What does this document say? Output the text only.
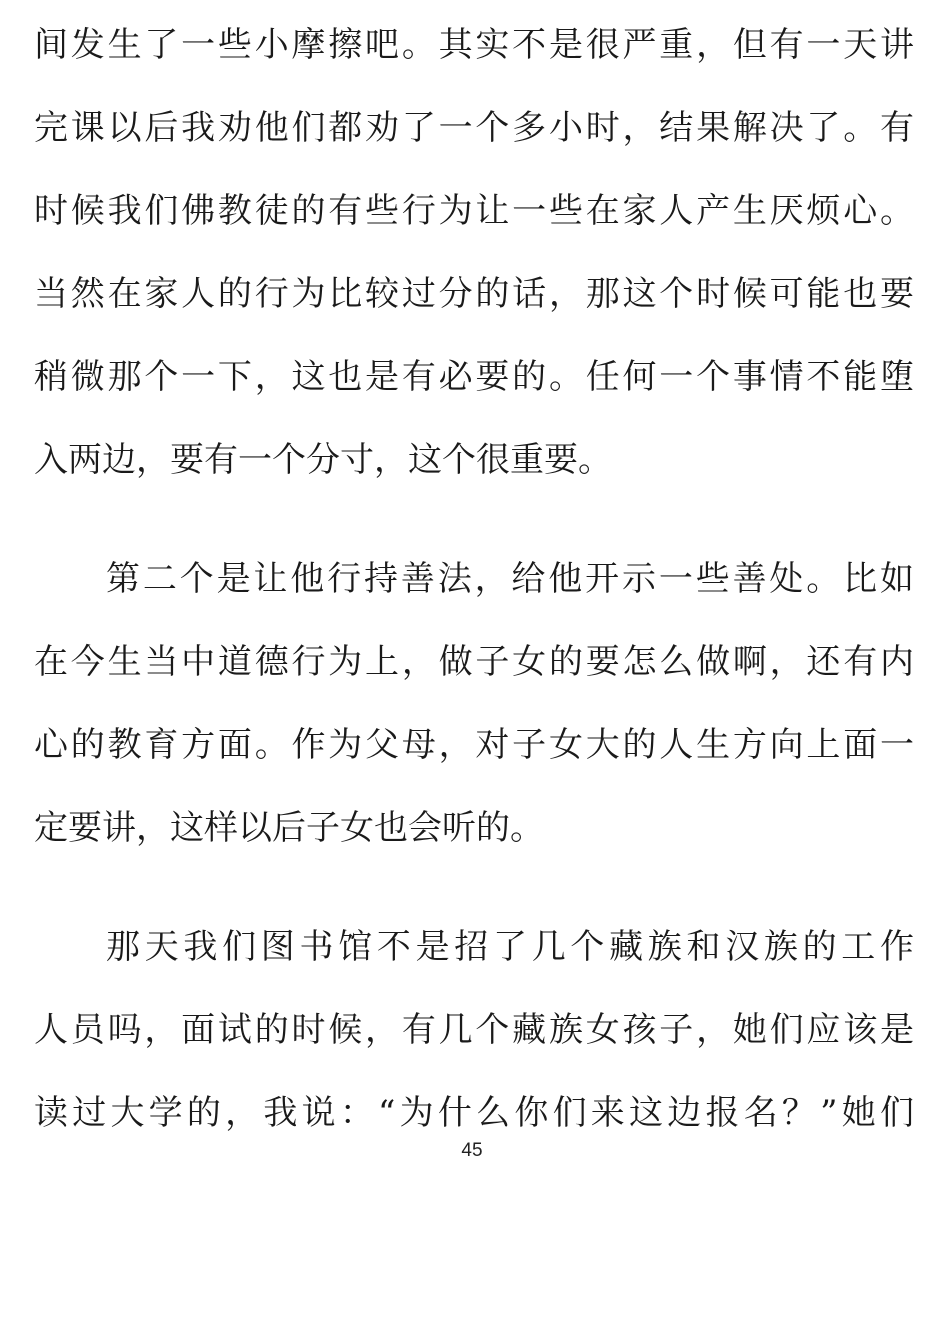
间发生了一些小摩擦吧。其实不是很严重，但有一天讲
完课以后我劝他们都劝了一个多小时，结果解决了。有
时候我们佛教徒的有些行为让一些在家人产生厌烦心。
当然在家人的行为比较过分的话，那这个时候可能也要
稍微那个一下，这也是有必要的。任何一个事情不能堕
入两边，要有一个分寸，这个很重要。
第二个是让他行持善法，给他开示一些善处。比如
在今生当中道德行为上，做子女的要怎么做啊，还有内
心的教育方面。作为父母，对子女大的人生方向上面一
定要讲，这样以后子女也会听的。
那天我们图书馆不是招了几个藏族和汉族的工作
人员吗，面试的时候，有几个藏族女孩子，她们应该是
读过大学的，我说：“为什么你们来这边报名？”她们
45
